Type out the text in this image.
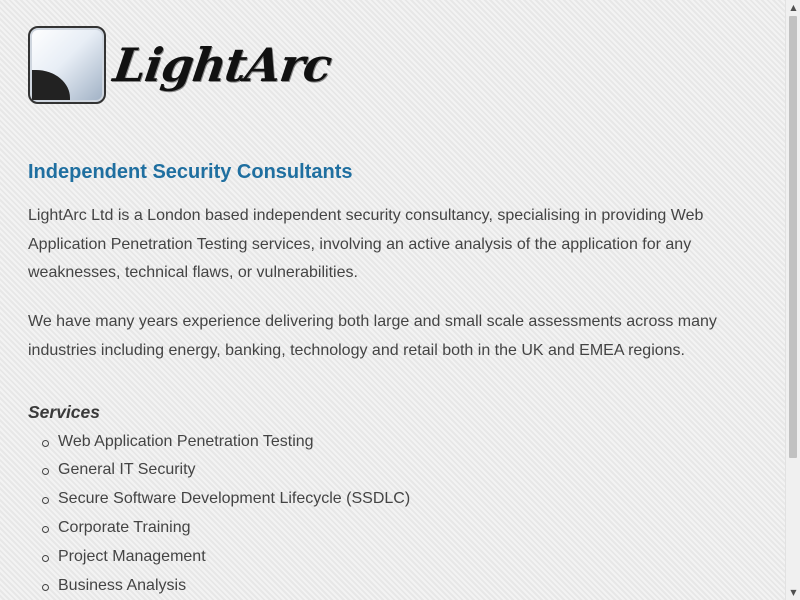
LightArc
Independent Security Consultants

LightArc Ltd is a London based independent security consultancy, specialising in providing Web Application Penetration Testing services, involving an active analysis of the application for any weaknesses, technical flaws, or vulnerabilities.

We have many years experience delivering both large and small scale assessments across many industries including energy, banking, technology and retail both in the UK and EMEA regions.

Services
Web Application Penetration Testing
General IT Security
Secure Software Development Lifecycle (SSDLC)
Corporate Training
Project Management
Business Analysis
▲
▼
